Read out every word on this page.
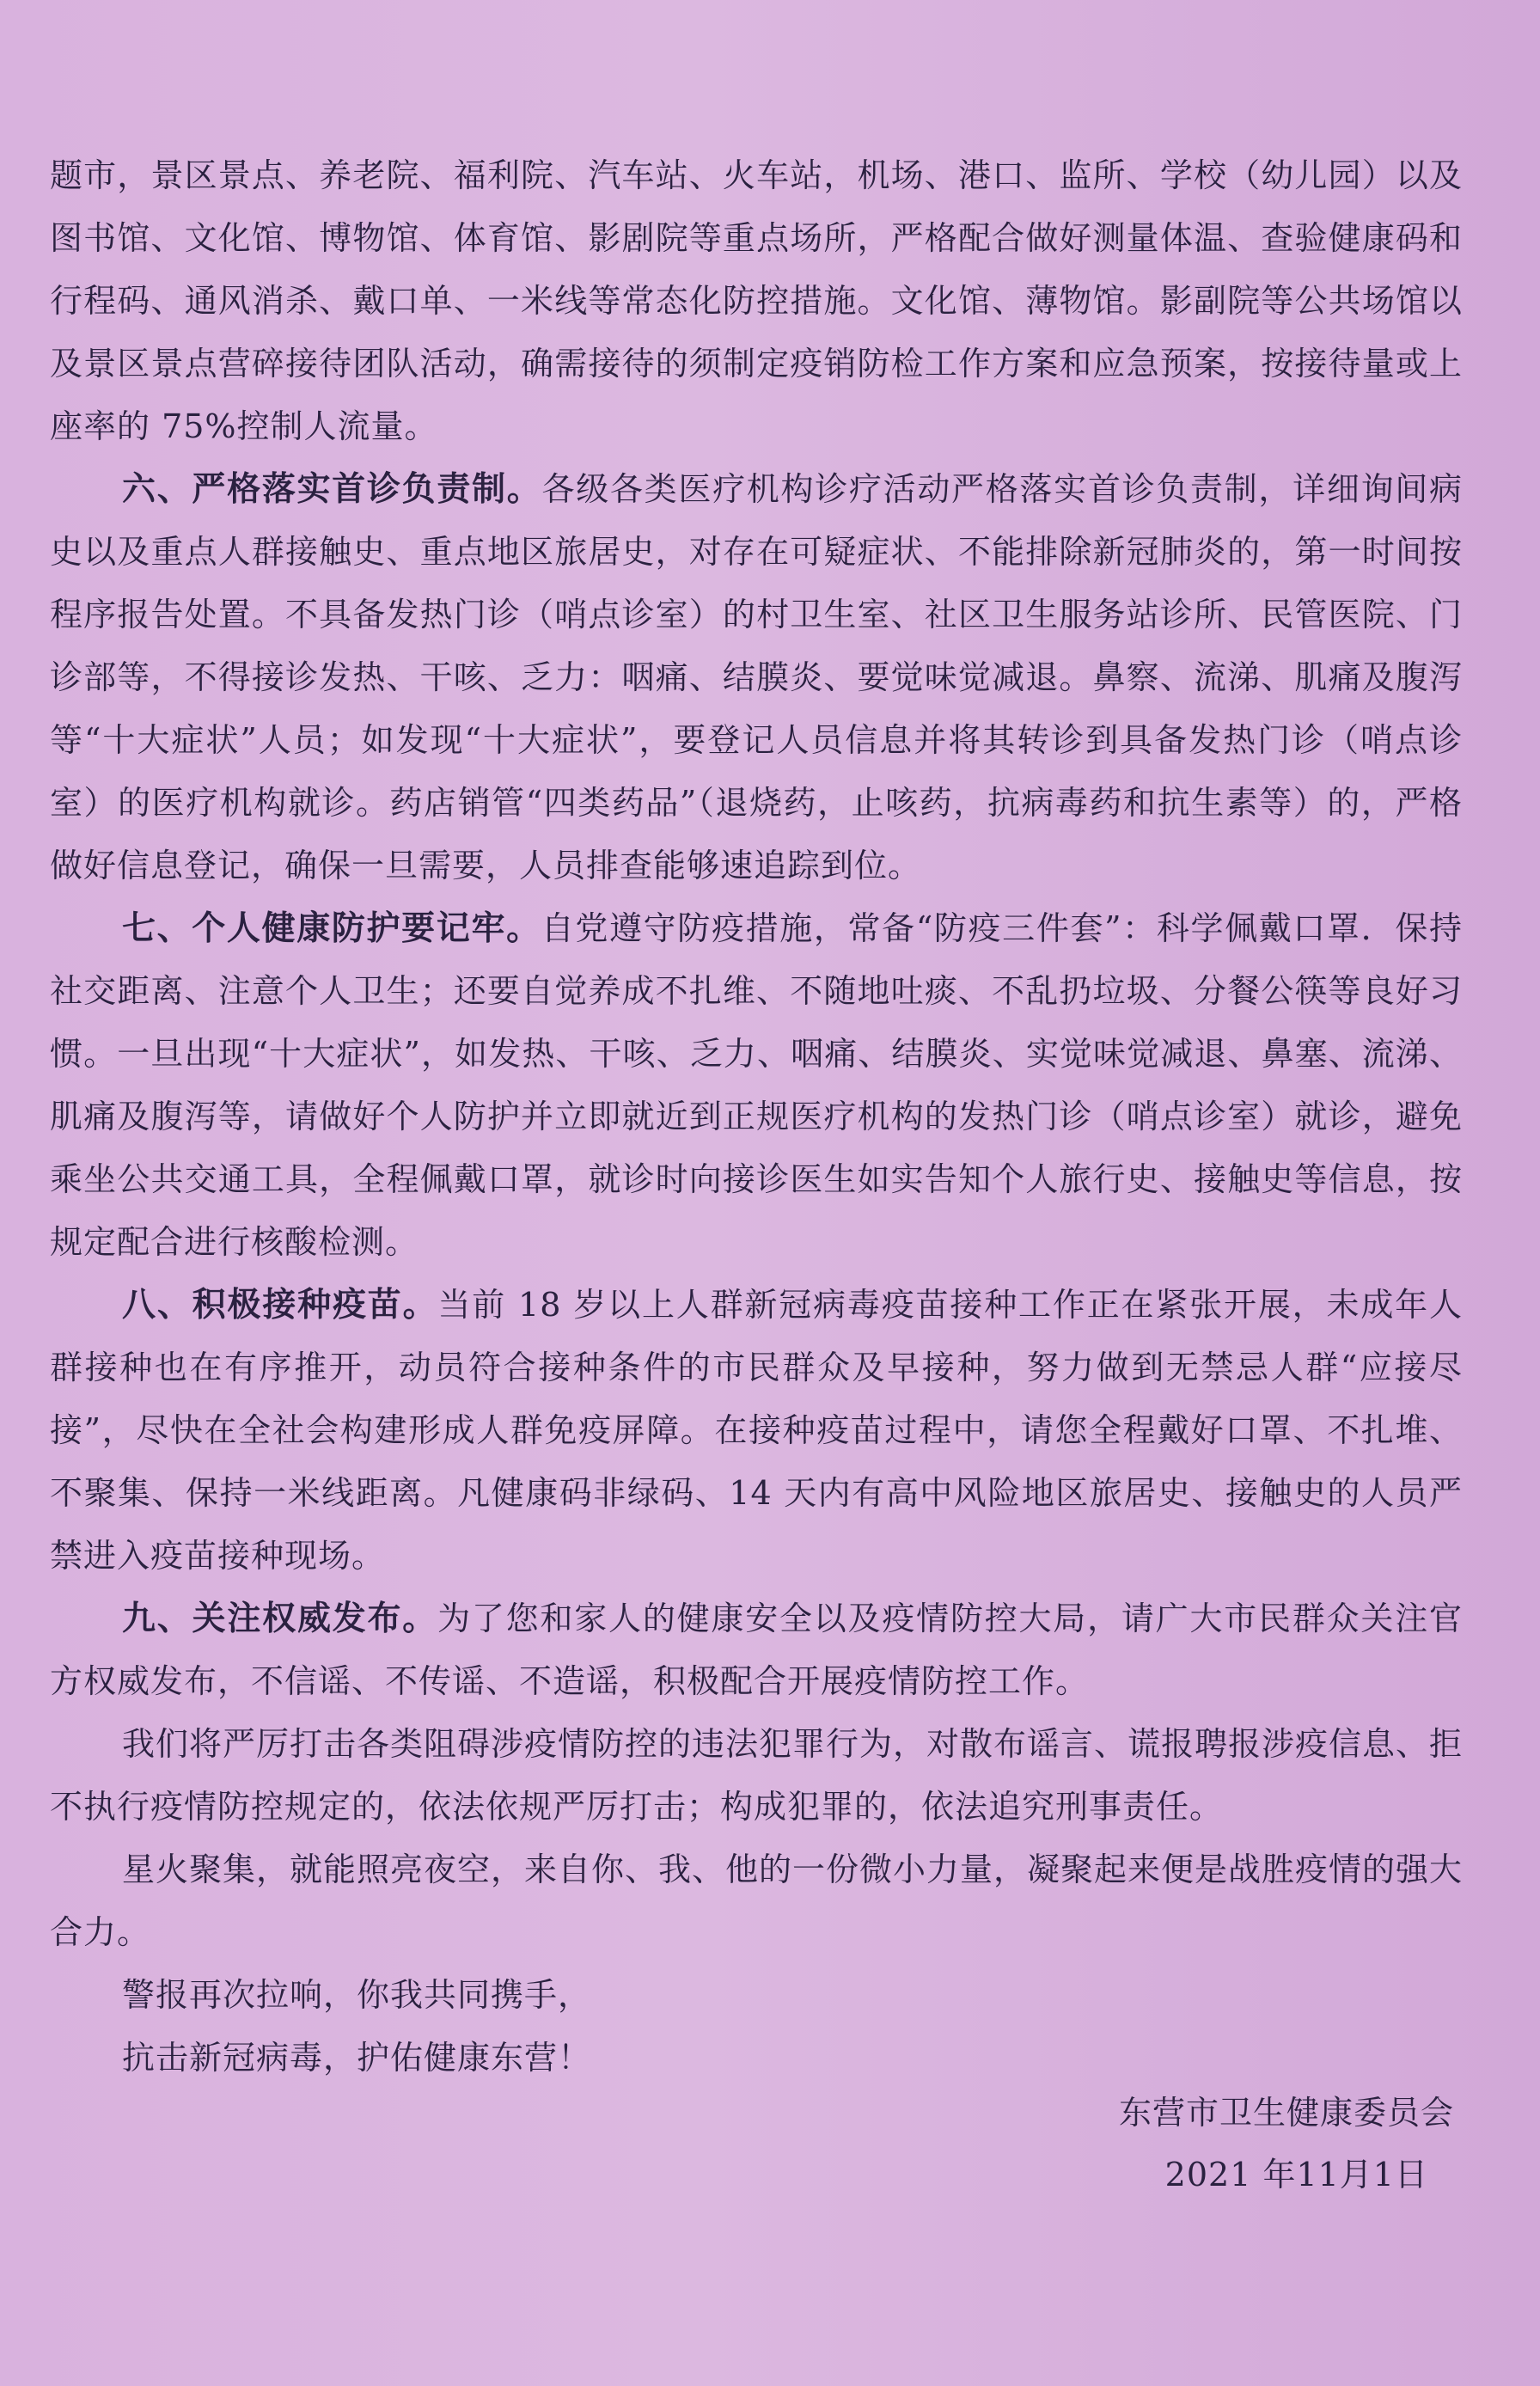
题市，景区景点、养老院、福利院、汽车站、火车站，机场、港口、监所、学校（幼儿园）以及图书馆、文化馆、博物馆、体育馆、影剧院等重点场所，严格配合做好测量体温、查验健康码和行程码、通风消杀、戴口单、一米线等常态化防控措施。文化馆、薄物馆。影副院等公共场馆以及景区景点营碎接待团队活动，确需接待的须制定疫销防检工作方案和应急预案，按接待量或上座率的 75%控制人流量。

六、严格落实首诊负责制。各级各类医疗机构诊疗活动严格落实首诊负责制，详细询间病史以及重点人群接触史、重点地区旅居史，对存在可疑症状、不能排除新冠肺炎的，第一时间按程序报告处置。不具备发热门诊（哨点诊室）的村卫生室、社区卫生服务站诊所、民管医院、门诊部等，不得接诊发热、干咳、乏力：咽痛、结膜炎、要觉味觉减退。鼻察、流涕、肌痛及腹泻等“十大症状”人员；如发现“十大症状”，要登记人员信息并将其转诊到具备发热门诊（哨点诊室）的医疗机构就诊。药店销管“四类药品”（退烧药，止咳药，抗病毒药和抗生素等）的，严格做好信息登记，确保一旦需要，人员排查能够速追踪到位。

七、个人健康防护要记牢。自党遵守防疫措施，常备“防疫三件套”：科学佩戴口罩．保持社交距离、注意个人卫生；还要自觉养成不扎维、不随地吐痰、不乱扔垃圾、分餐公筷等良好习惯。一旦出现“十大症状”，如发热、干咳、乏力、咽痛、结膜炎、实觉味觉减退、鼻塞、流涕、肌痛及腹泻等，请做好个人防护并立即就近到正规医疗机构的发热门诊（哨点诊室）就诊，避免乘坐公共交通工具，全程佩戴口罩，就诊时向接诊医生如实告知个人旅行史、接触史等信息，按规定配合进行核酸检测。

八、积极接种疫苗。当前 18 岁以上人群新冠病毒疫苗接种工作正在紧张开展，未成年人群接种也在有序推开，动员符合接种条件的市民群众及早接种，努力做到无禁忌人群“应接尽接”，尽快在全社会构建形成人群免疫屏障。在接种疫苗过程中，请您全程戴好口罩、不扎堆、不聚集、保持一米线距离。凡健康码非绿码、14 天内有高中风险地区旅居史、接触史的人员严禁进入疫苗接种现场。

九、关注权威发布。为了您和家人的健康安全以及疫情防控大局，请广大市民群众关注官方权威发布，不信谣、不传谣、不造谣，积极配合开展疫情防控工作。

我们将严厉打击各类阻碍涉疫情防控的违法犯罪行为，对散布谣言、谎报聘报涉疫信息、拒不执行疫情防控规定的，依法依规严厉打击；构成犯罪的，依法追究刑事责任。

星火聚集，就能照亮夜空，来自你、我、他的一份微小力量，凝聚起来便是战胜疫情的强大合力。

警报再次拉响，你我共同携手，

抗击新冠病毒，护佑健康东营！

东营市卫生健康委员会
2021 年11月1日
